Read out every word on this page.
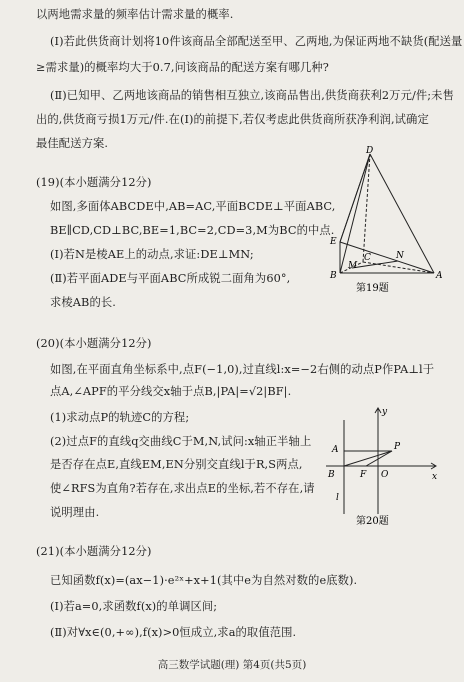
以两地需求量的频率估计需求量的概率.
(Ⅰ)若此供货商计划将10件该商品全部配送至甲、乙两地,为保证两地不缺货(配送量
≥需求量)的概率均大于0.7,问该商品的配送方案有哪几种?
(Ⅱ)已知甲、乙两地该商品的销售相互独立,该商品售出,供货商获利2万元/件;未售
出的,供货商亏损1万元/件.在(Ⅰ)的前提下,若仅考虑此供货商所获净利润,试确定
最佳配送方案.
(19)(本小题满分12分)
如图,多面体ABCDE中,AB=AC,平面BCDE⊥平面ABC,
BE∥CD,CD⊥BC,BE=1,BC=2,CD=3,M为BC的中点.
(Ⅰ)若N是棱AE上的动点,求证:DE⊥MN;
(Ⅱ)若平面ADE与平面ABC所成锐二面角为60°,
求棱AB的长.
(20)(本小题满分12分)
如图,在平面直角坐标系中,点F(−1,0),过直线l:x=−2右侧的动点P作PA⊥l于
点A,∠APF的平分线交x轴于点B,|PA|=√2|BF|.
(1)求动点P的轨迹C的方程;
(2)过点F的直线q交曲线C于M,N,试问:x轴正半轴上
是否存在点E,直线EM,EN分别交直线l于R,S两点,
使∠RFS为直角?若存在,求出点E的坐标,若不存在,请
说明理由.
(21)(本小题满分12分)
已知函数f(x)=(ax−1)·e²ˣ+x+1(其中e为自然对数的e底数).
(Ⅰ)若a=0,求函数f(x)的单调区间;
(Ⅱ)对∀x∈(0,+∞),f(x)>0恒成立,求a的取值范围.
D
E
M
C	N
B	A
第19题
y
x
A	P
B	F O
l
第20题
高三数学试题(理) 第4页(共5页)
